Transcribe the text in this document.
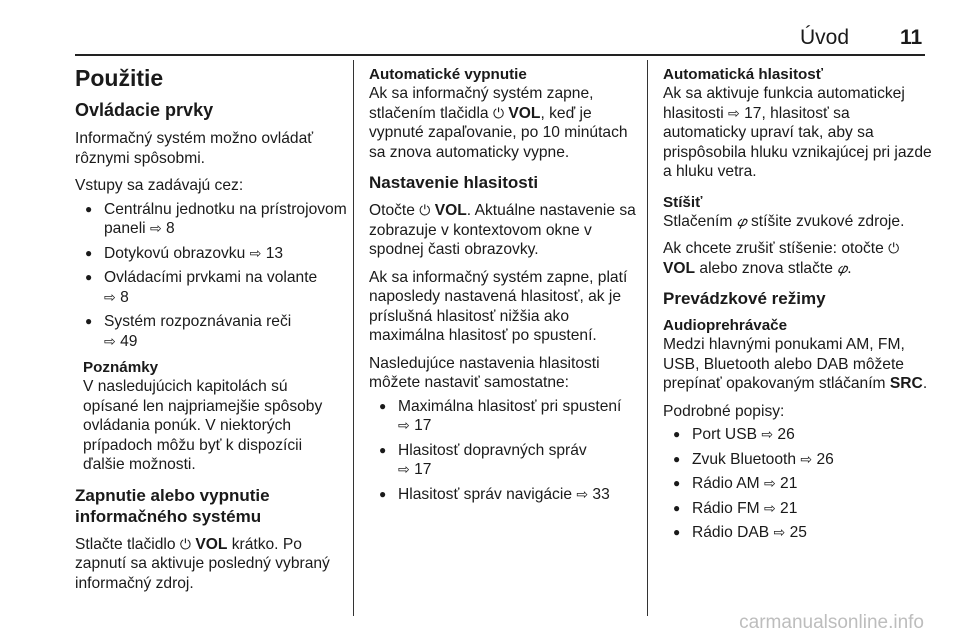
Úvod 11
Použitie
Ovládacie prvky

Informačný systém možno ovládať rôznymi spôsobmi.

Vstupy sa zadávajú cez:

● Centrálnu jednotku na prístrojovom paneli ⇨ 8
● Dotykovú obrazovku ⇨ 13
● Ovládacími prvkami na volante
⇨ 8
● Systém rozpoznávania reči
⇨ 49
Poznámky
V nasledujúcich kapitolách sú opísané len najpriamejšie spôsoby ovládania ponúk. V niektorých prípadoch môžu byť k dispozícii ďalšie možnosti.
Zapnutie alebo vypnutie informačného systému

Stlačte tlačidlo ⏻ VOL krátko. Po zapnutí sa aktivuje posledný vybraný informačný zdroj.

Automatické vypnutie

Ak sa informačný systém zapne, stlačením tlačidla ⏻ VOL, keď je vypnuté zapaľovanie, po 10 minútach sa znova automaticky vypne.

Nastavenie hlasitosti

Otočte ⏻ VOL. Aktuálne nastavenie sa zobrazuje v kontextovom okne v spodnej časti obrazovky.

Ak sa informačný systém zapne, platí naposledy nastavená hlasitosť, ak je príslušná hlasitosť nižšia ako maximálna hlasitosť po spustení.

Nasledujúce nastavenia hlasitosti môžete nastaviť samostatne:

● Maximálna hlasitosť pri spustení
⇨ 17
● Hlasitosť dopravných správ
⇨ 17
● Hlasitosť správ navigácie ⇨ 33
Automatická hlasitosť

Ak sa aktivuje funkcia automatickej hlasitosti ⇨ 17, hlasitosť sa automaticky upraví tak, aby sa prispôsobila hluku vznikajúcej pri jazde a hluku vetra.

Stíšiť

Stlačením 𝜑 stíšite zvukové zdroje.

Ak chcete zrušiť stíšenie: otočte ⏻ VOL alebo znova stlačte 𝜑.

Prevádzkové režimy
Audioprehrávače

Medzi hlavnými ponukami AM, FM, USB, Bluetooth alebo DAB môžete prepínať opakovaným stláčaním SRC.

Podrobné popisy:

● Port USB ⇨ 26
● Zvuk Bluetooth ⇨ 26
● Rádio AM ⇨ 21
● Rádio FM ⇨ 21
● Rádio DAB ⇨ 25
carmanualsonline.info
